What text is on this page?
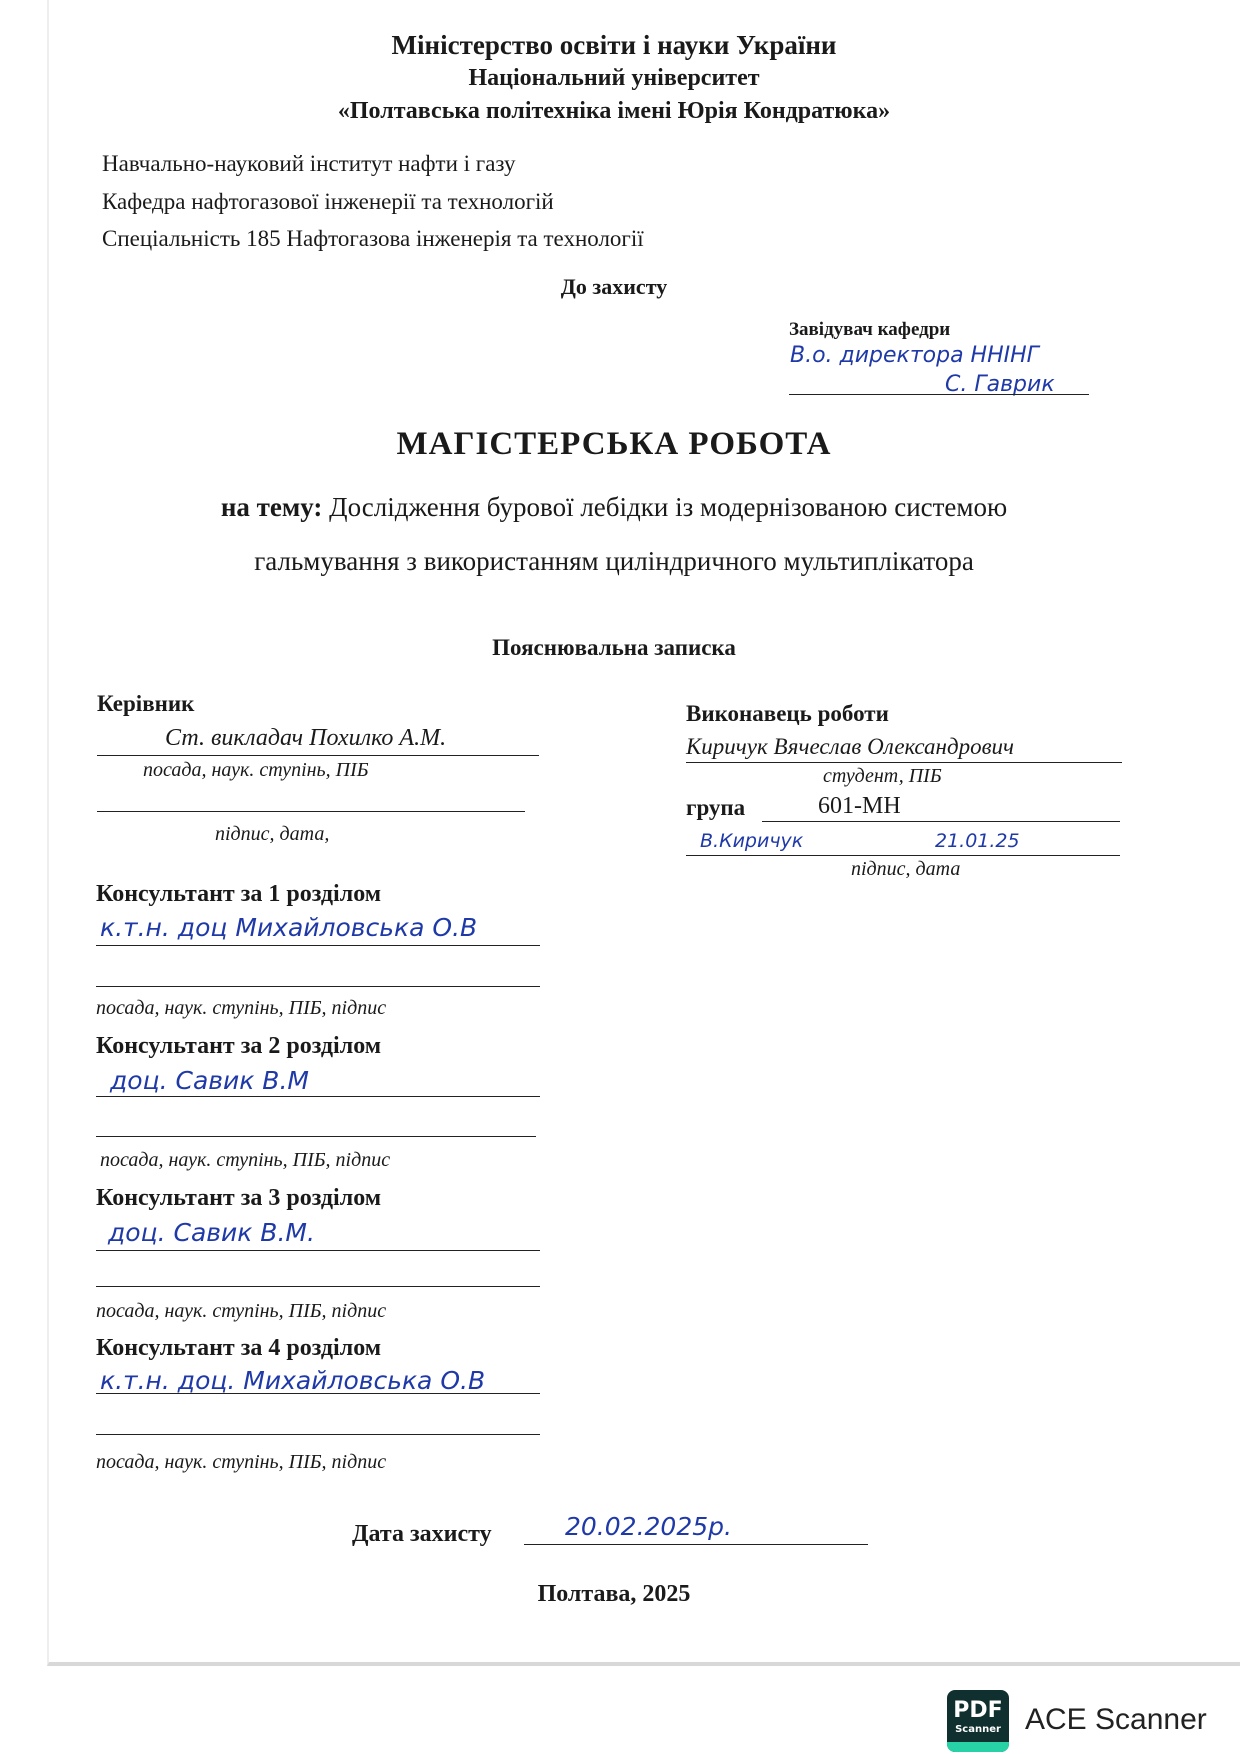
Міністерство освіти і науки України
Національний університет
«Полтавська політехніка імені Юрія Кондратюка»
Навчально-науковий інститут нафти і газу
Кафедра нафтогазової інженерії та технологій
Спеціальність 185 Нафтогазова інженерія та технології
До захисту
Завідувач кафедри
В.о. директора ННІНГ
С. Гаврик
МАГІСТЕРСЬКА РОБОТА
на тему: Дослідження бурової лебідки із модернізованою системою
гальмування з використанням циліндричного мультиплікатора
Пояснювальна записка
Керівник
Ст. викладач Похилко А.М.
посада, наук. ступінь, ПІБ
підпис, дата,
Виконавець роботи
Киричук Вячеслав Олександрович
студент, ПІБ
група	601-МН
В.Киричук	21.01.25
підпис, дата
Консультант за 1 розділом
к.т.н. доц Михайловська О.В
посада, наук. ступінь, ПІБ, підпис
Консультант за 2 розділом
доц. Савик В.М
посада, наук. ступінь, ПІБ, підпис
Консультант за 3 розділом
доц. Савик В.М.
посада, наук. ступінь, ПІБ, підпис
Консультант за 4 розділом
к.т.н. доц. Михайловська О.В
посада, наук. ступінь, ПІБ, підпис
Дата захисту	20.02.2025р.
Полтава, 2025
PDF
Scanner ACE Scanner
